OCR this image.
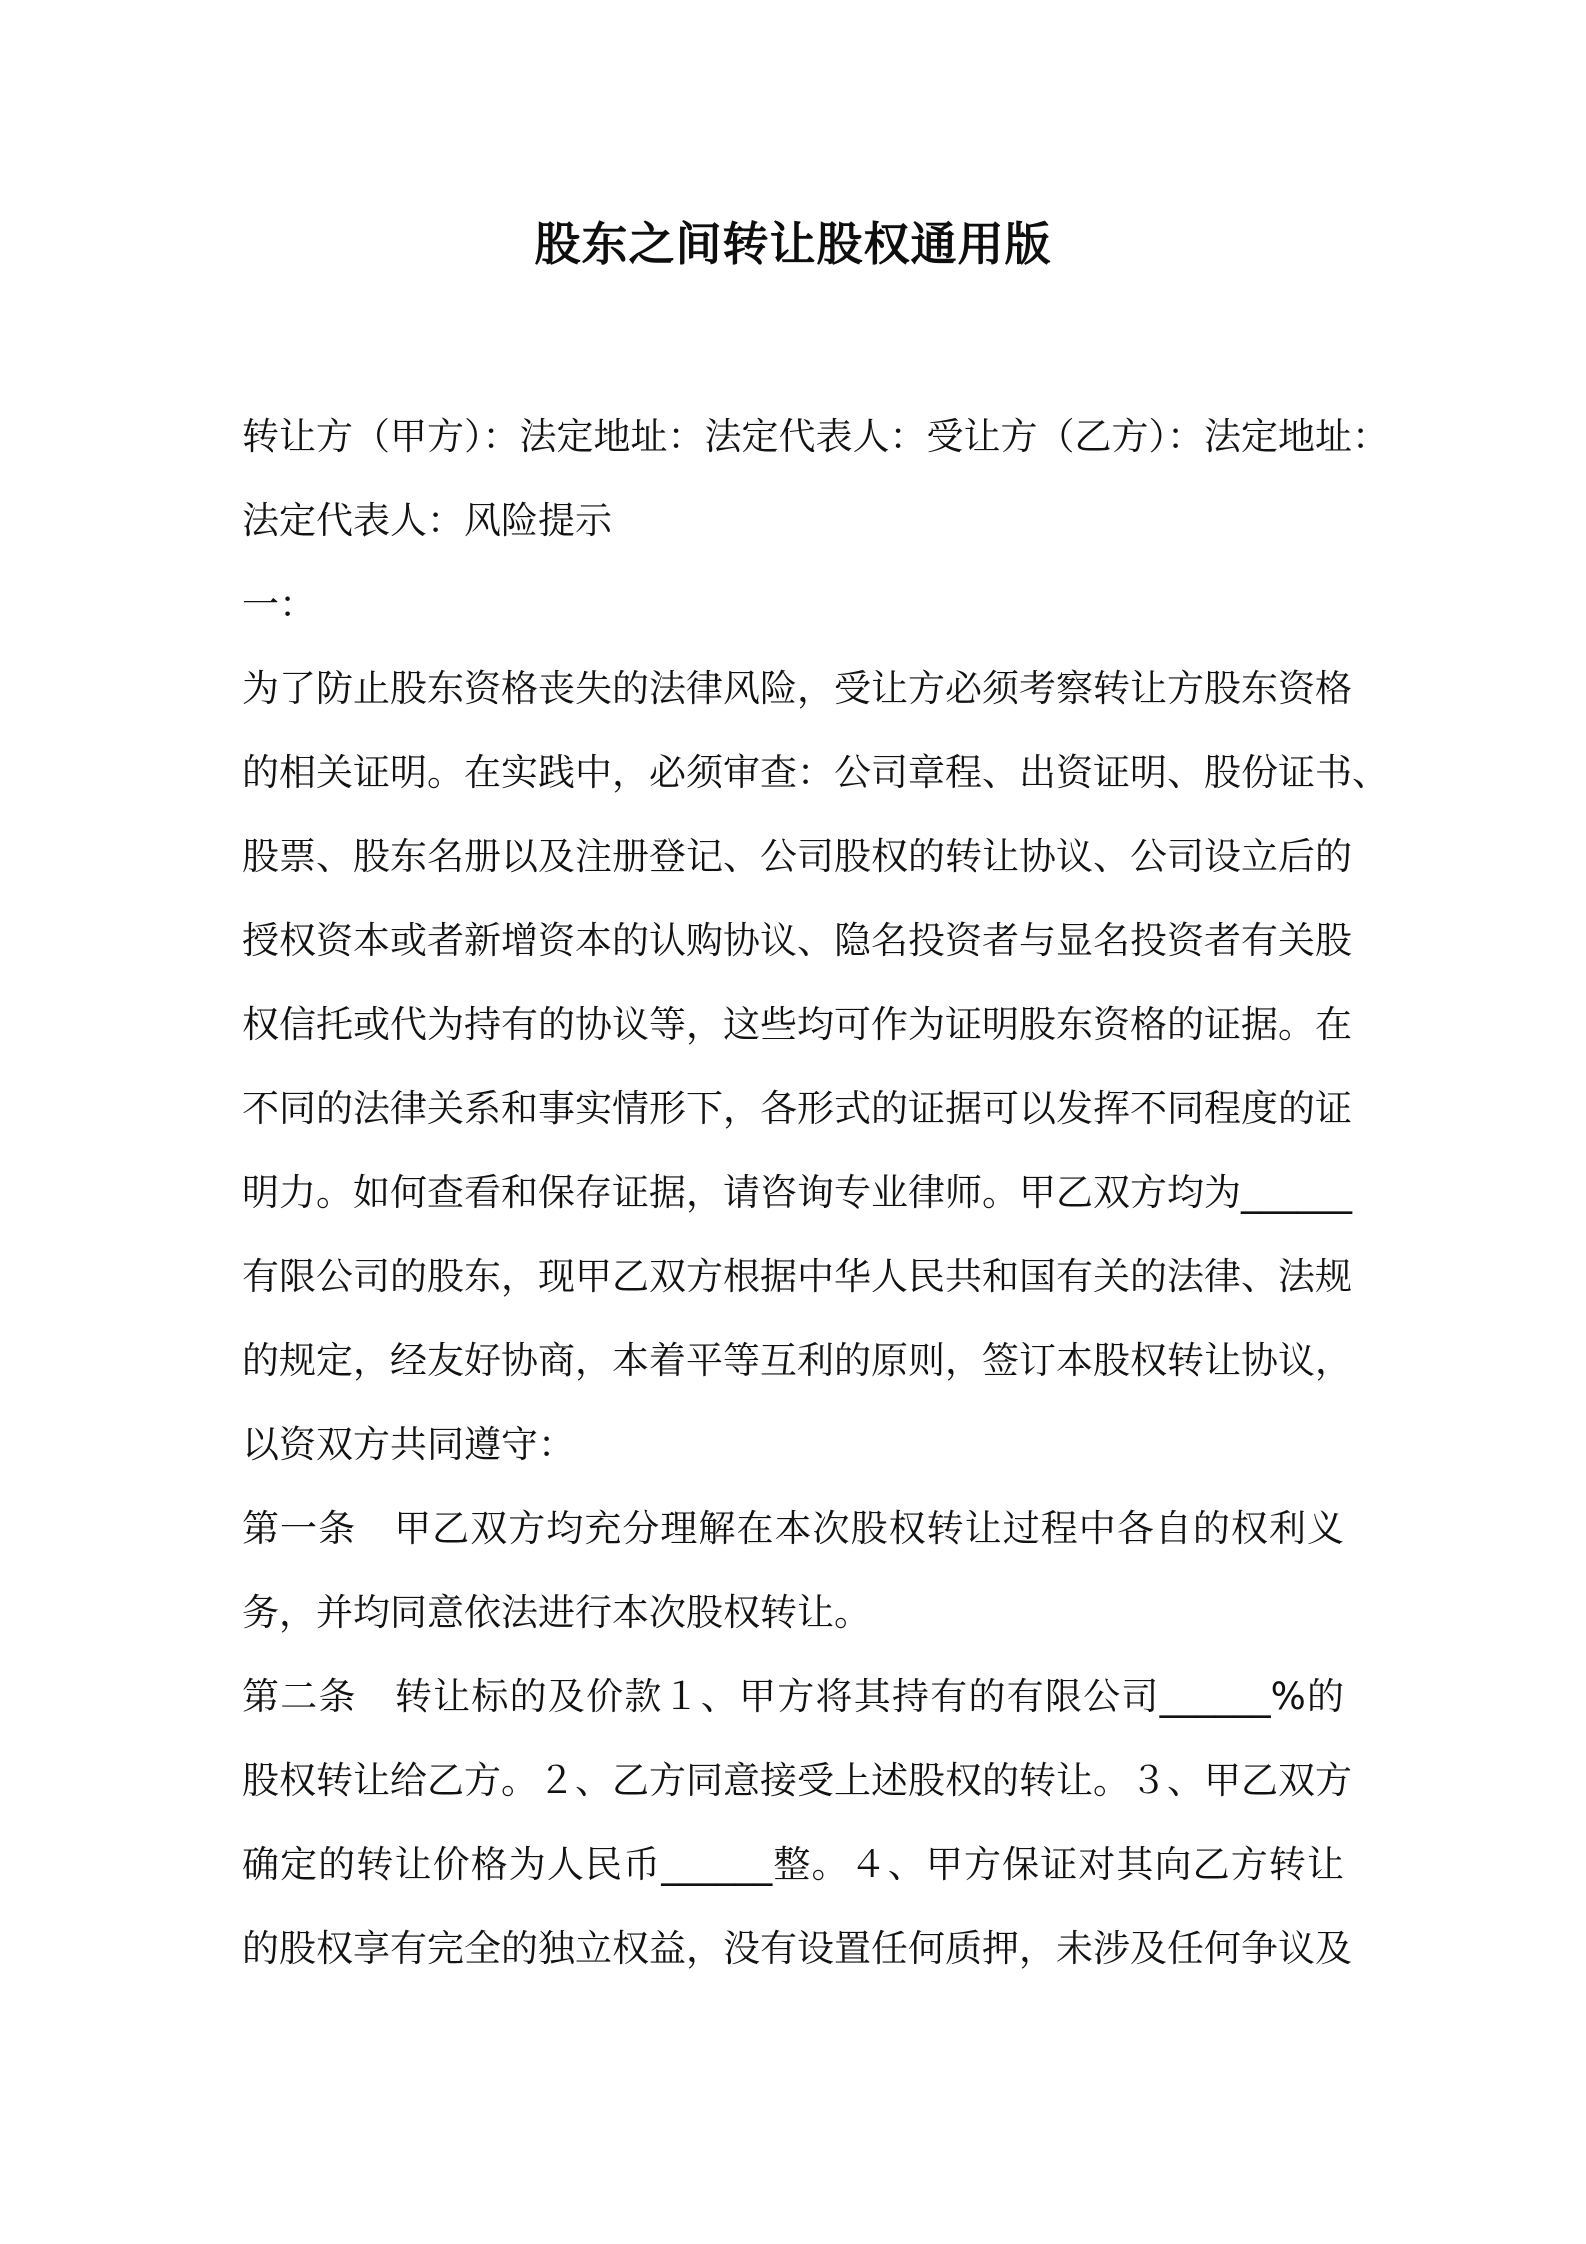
股东之间转让股权通用版
转让方（甲方）：法定地址：法定代表人：受让方（乙方）：法定地址：
法定代表人：风险提示
一：
为了防止股东资格丧失的法律风险，受让方必须考察转让方股东资格
的相关证明。在实践中，必须审查：公司章程、出资证明、股份证书、
股票、股东名册以及注册登记、公司股权的转让协议、公司设立后的
授权资本或者新增资本的认购协议、隐名投资者与显名投资者有关股
权信托或代为持有的协议等，这些均可作为证明股东资格的证据。在
不同的法律关系和事实情形下，各形式的证据可以发挥不同程度的证
明力。如何查看和保存证据，请咨询专业律师。甲乙双方均为______
有限公司的股东，现甲乙双方根据中华人民共和国有关的法律、法规
的规定，经友好协商，本着平等互利的原则，签订本股权转让协议，
以资双方共同遵守：
第一条　甲乙双方均充分理解在本次股权转让过程中各自的权利义
务，并均同意依法进行本次股权转让。
第二条　转让标的及价款１、甲方将其持有的有限公司______%的
股权转让给乙方。２、乙方同意接受上述股权的转让。３、甲乙双方
确定的转让价格为人民币______整。４、甲方保证对其向乙方转让
的股权享有完全的独立权益，没有设置任何质押，未涉及任何争议及
